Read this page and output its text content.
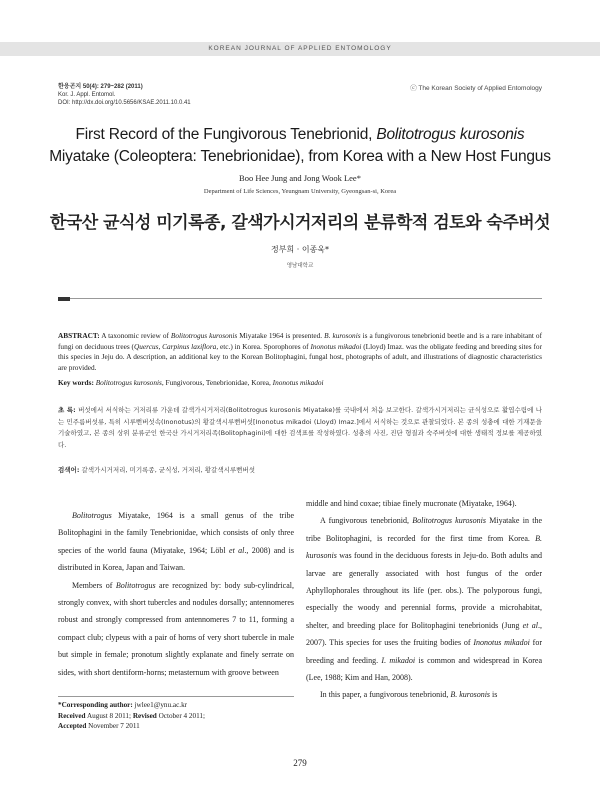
KOREAN JOURNAL OF APPLIED ENTOMOLOGY
한응곤지 50(4): 279~282 (2011)
Kor. J. Appl. Entomol.
DOI: http://dx.doi.org/10.5656/KSAE.2011.10.0.41
ⓒ The Korean Society of Applied Entomology
First Record of the Fungivorous Tenebrionid, Bolitotrogus kurosonis
Miyatake (Coleoptera: Tenebrionidae), from Korea with a New Host Fungus
Boo Hee Jung and Jong Wook Lee*
Department of Life Sciences, Yeungnam University, Gyeongsan-si, Korea
한국산 균식성 미기록종, 갈색가시거저리의 분류학적 검토와 숙주버섯
정부희 · 이종욱*
영남대학교
ABSTRACT: A taxonomic review of Bolitotrogus kurosonis Miyatake 1964 is presented. B. kurosonis is a fungivorous tenebrionid beetle and is a rare inhabitant of fungi on deciduous trees (Quercus, Carpinus laxiflora, etc.) in Korea. Sporophores of Inonotus mikadoi (Lloyd) Imaz. was the obligate feeding and breeding sites for this species in Jeju do. A description, an additional key to the Korean Bolitophagini, fungal host, photographs of adult, and illustrations of diagnostic characteristics are provided.
Key words: Bolitotrogus kurosonis, Fungivorous, Tenebrionidae, Korea, Inonotus mikadoi
초 록: 버섯에서 서식하는 거저리류 가운데 갈색가시거저리(Bolitotrogus kurosonis Miyatake)를 국내에서 처음 보고한다. 갈색가시거저리는 균식성으로 활엽수림에 나는 민주름버섯류, 특히 시루뻔버섯속(Inonotus)의 황갈색시루뻔버섯[Inonotus mikadoi (Lloyd) Imaz.]에서 서식하는 것으로 관찰되었다. 본 종의 성충에 대한 기재문을 기술하였고, 본 종의 상위 분류군인 한국산 가시거저리족(Bolitophagini)에 대한 검색표를 작성하였다. 성충의 사진, 진단 형질과 숙주버섯에 대한 생태적 정보를 제공하였다.
검색어: 갈색가시거저리, 미기록종, 균식성, 거저리, 황갈색시루뻔버섯

Bolitotrogus Miyatake, 1964 is a small genus of the tribe Bolitophagini in the family Tenebrionidae, which consists of only three species of the world fauna (Miyatake, 1964; Löbl et al., 2008) and is distributed in Korea, Japan and Taiwan.

Members of Bolitotrogus are recognized by: body sub-cylindrical, strongly convex, with short tubercles and nodules dorsally; antennomeres robust and strongly compressed from antennomeres 7 to 11, forming a compact club; clypeus with a pair of horns of very short tubercle in male but simple in female; pronotum slightly explanate and finely serrate on sides, with short dentiform-horns; metasternum with groove between

middle and hind coxae; tibiae finely mucronate (Miyatake, 1964).

A fungivorous tenebrionid, Bolitotrogus kurosonis Miyatake in the tribe Bolitophagini, is recorded for the first time from Korea. B. kurosonis was found in the deciduous forests in Jeju-do. Both adults and larvae are generally associated with host fungus of the order Aphyllophorales throughout its life (per. obs.). The polyporous fungi, especially the woody and perennial forms, provide a microhabitat, shelter, and breeding place for Bolitophagini tenebrionids (Jung et al., 2007). This species for uses the fruiting bodies of Inonotus mikadoi for breeding and feeding. I. mikadoi is common and widespread in Korea (Lee, 1988; Kim and Han, 2008).

In this paper, a fungivorous tenebrionid, B. kurosonis is

*Corresponding author: jwlee1@ynu.ac.kr
Received August 8 2011; Revised October 4 2011;
Accepted November 7 2011
279
